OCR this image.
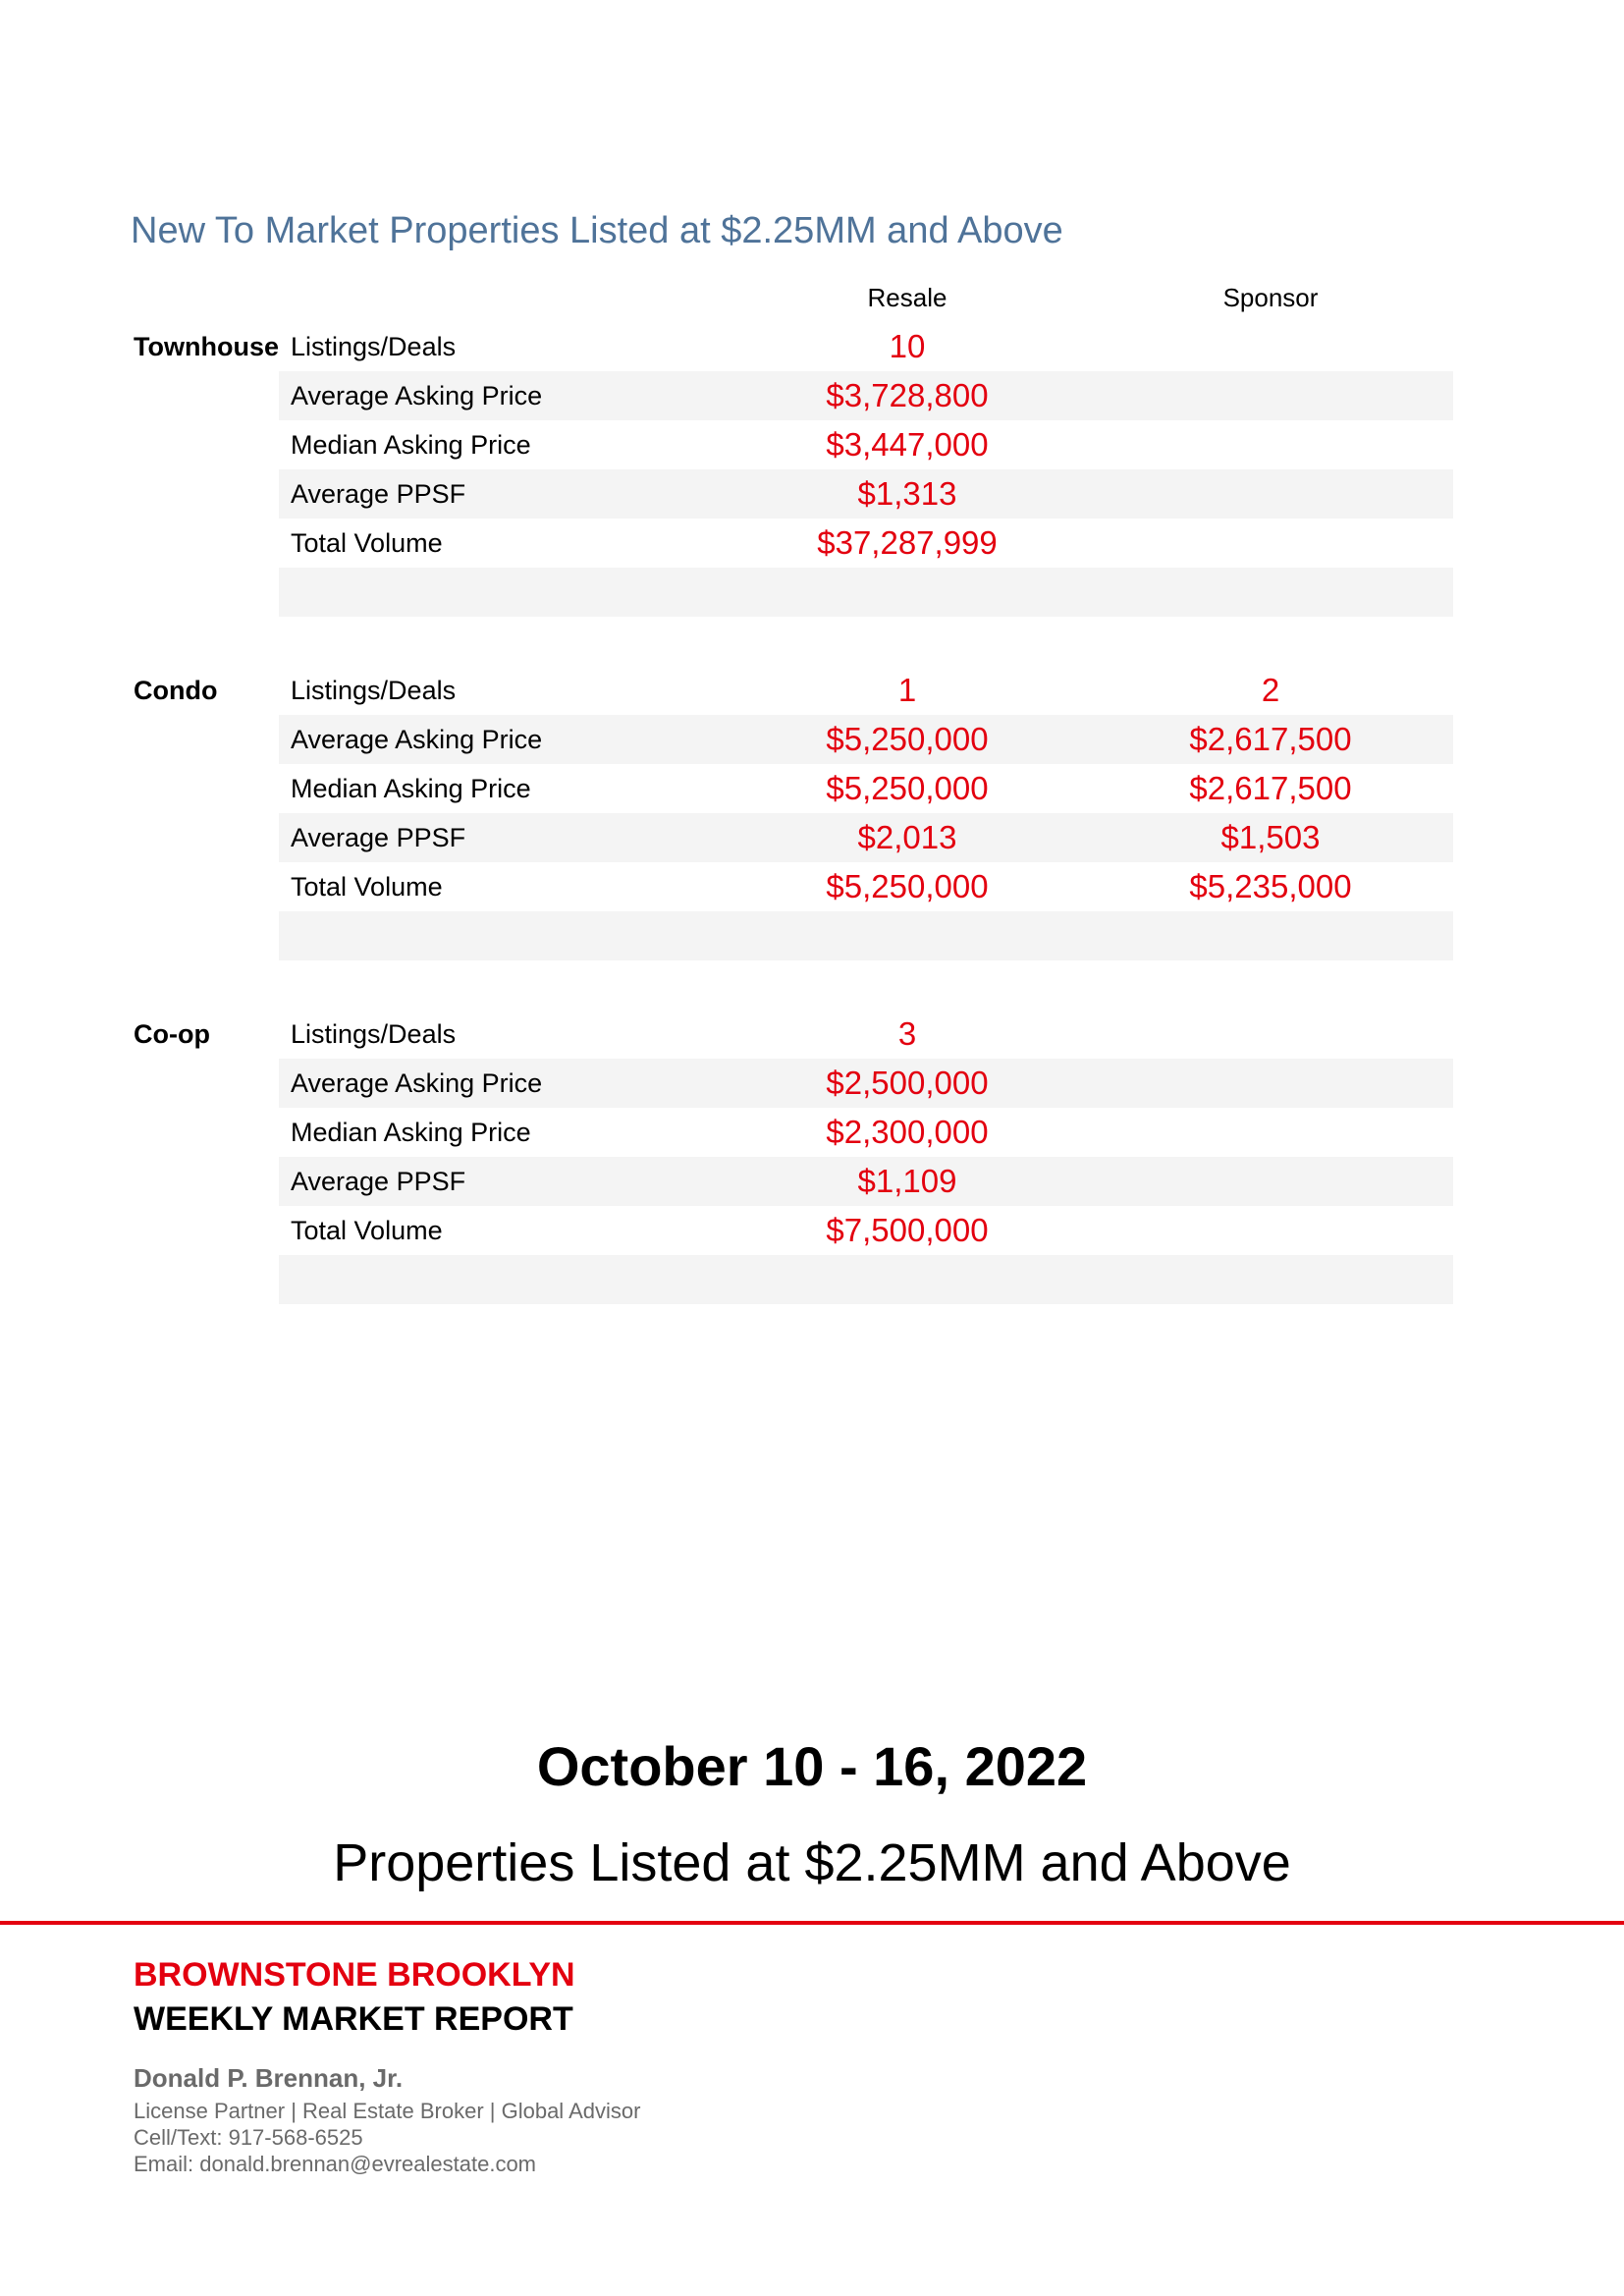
New To Market Properties Listed at $2.25MM and Above
Resale	Sponsor
Townhouse Listings/Deals	10
Average Asking Price	$3,728,800
Median Asking Price	$3,447,000
Average PPSF	$1,313
Total Volume	$37,287,999
Condo	Listings/Deals	1	2
Average Asking Price	$5,250,000	$2,617,500
Median Asking Price	$5,250,000	$2,617,500
Average PPSF	$2,013	$1,503
Total Volume	$5,250,000	$5,235,000
Co-op	Listings/Deals	3
Average Asking Price	$2,500,000
Median Asking Price	$2,300,000
Average PPSF	$1,109
Total Volume	$7,500,000
October 10 - 16, 2022
Properties Listed at $2.25MM and Above
BROWNSTONE BROOKLYN
WEEKLY MARKET REPORT
Donald P. Brennan, Jr.
License Partner | Real Estate Broker | Global Advisor
Cell/Text: 917-568-6525
Email: donald.brennan@evrealestate.com
